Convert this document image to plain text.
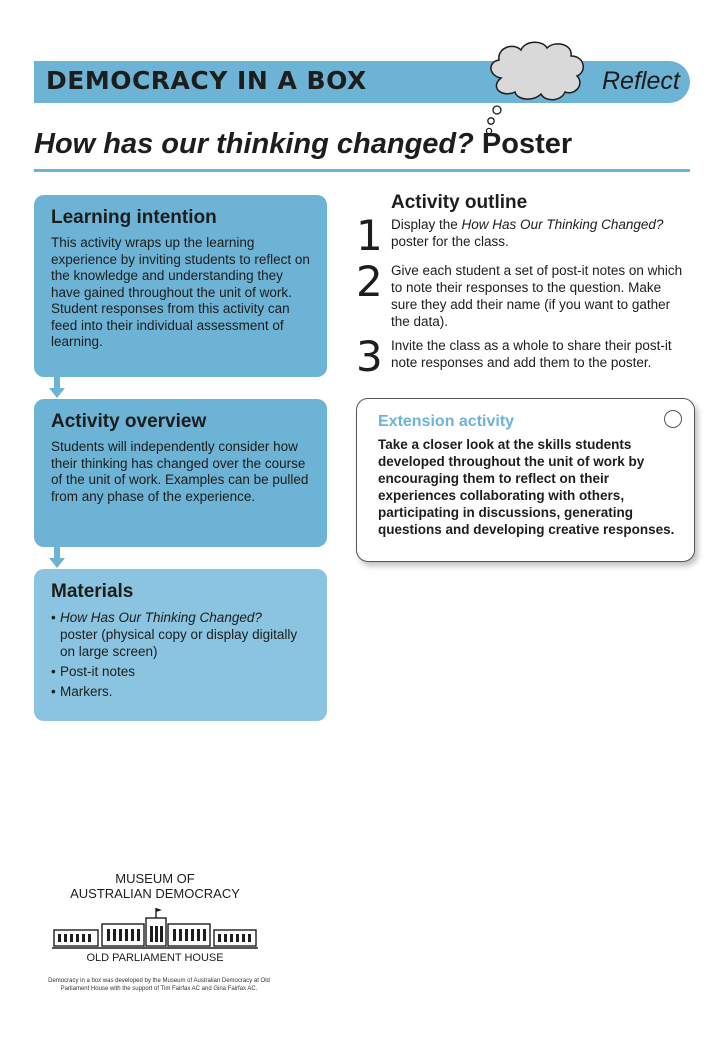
DEMOCRACY IN A BOX	Reflect
How has our thinking changed? Poster
Learning intention

This activity wraps up the learning experience by inviting students to reflect on the knowledge and understanding they have gained throughout the unit of work. Student responses from this activity can feed into their individual assessment of learning.

Activity overview

Students will independently consider how their thinking has changed over the course of the unit of work. Examples can be pulled from any phase of the experience.

Materials
• How Has Our Thinking Changed?
poster (physical copy or display digitally on large screen)
• Post-it notes
• Markers.
Activity outline
1 Display the How Has Our Thinking Changed? poster for the class.
2 Give each student a set of post-it notes on which to note their responses to the question. Make sure they add their name (if you want to gather the data).
3 Invite the class as a whole to share their post-it note responses and add them to the poster.
Extension activity

Take a closer look at the skills students developed throughout the unit of work by encouraging them to reflect on their experiences collaborating with others, participating in discussions, generating questions and developing creative responses.

MUSEUM OF
AUSTRALIAN DEMOCRACY
OLD PARLIAMENT HOUSE
Democracy in a box was developed by the Museum of Australian Democracy at Old Parliament House with the support of Tim Fairfax AC and Gina Fairfax AC.
